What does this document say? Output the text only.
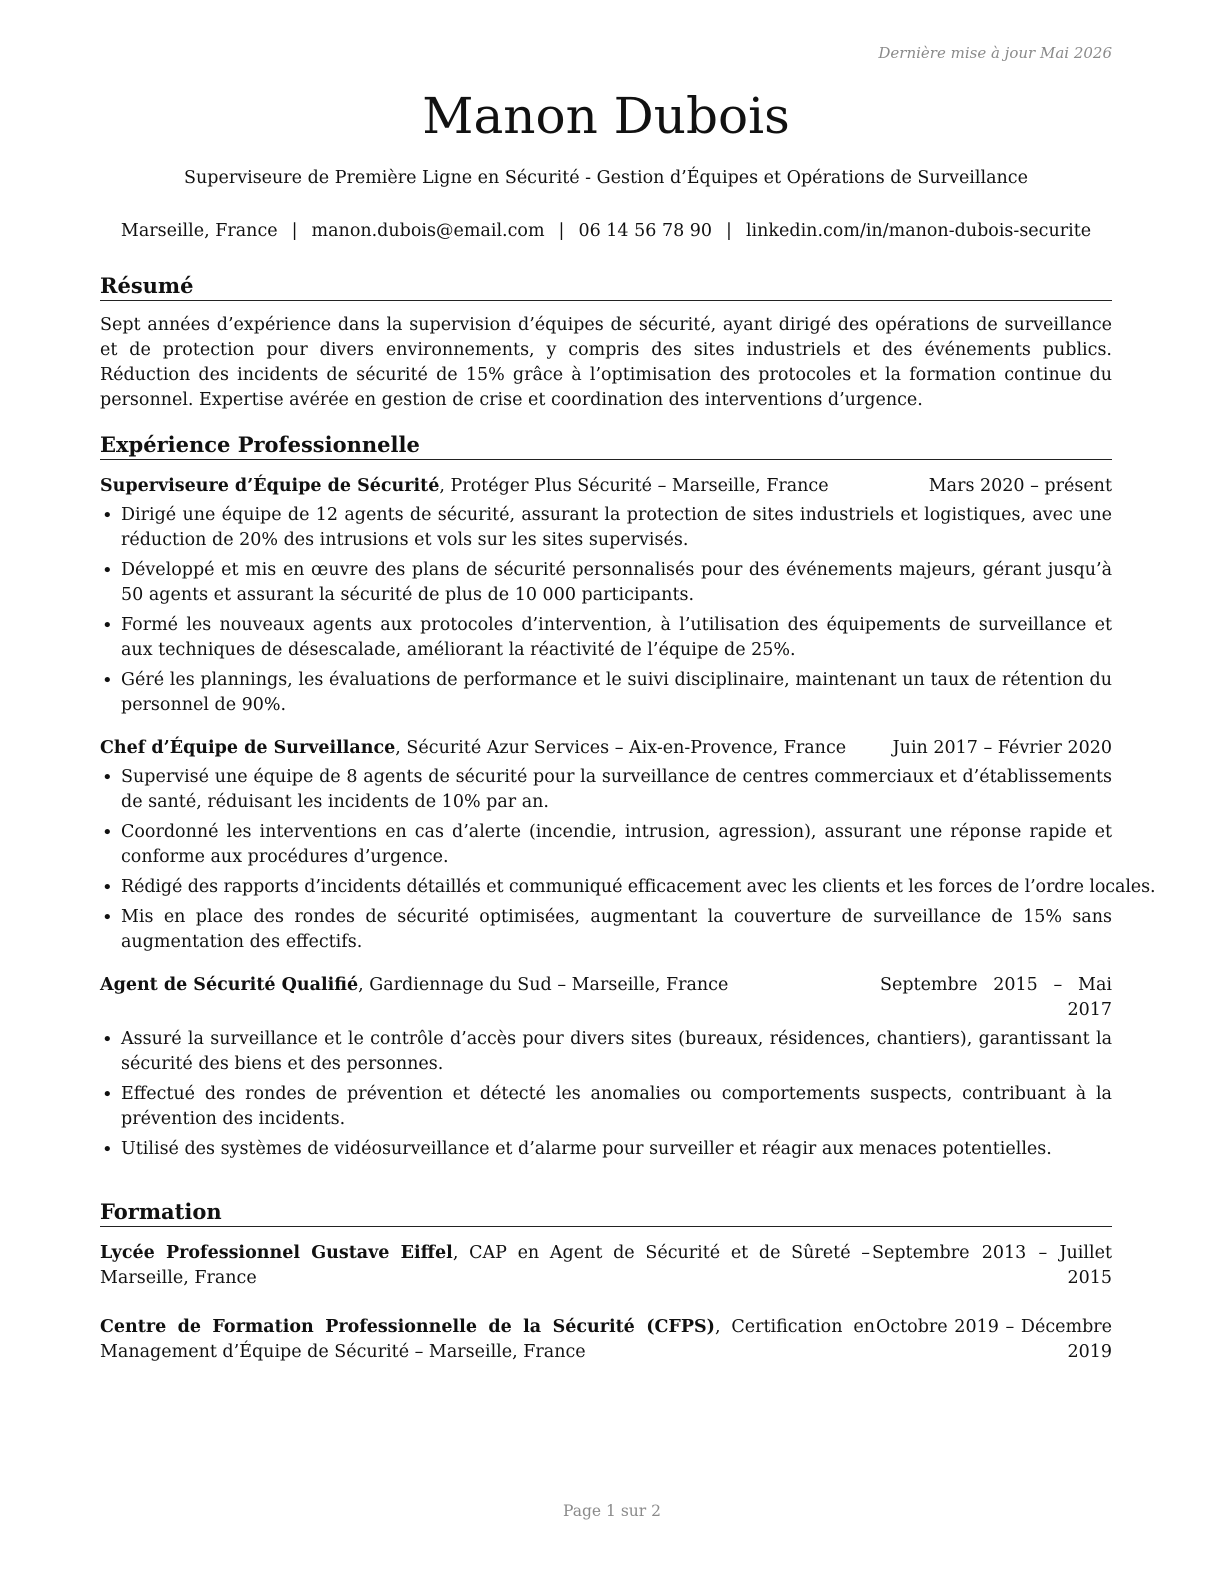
Dernière mise à jour Mai 2026

Manon Dubois

Superviseure de Première Ligne en Sécurité - Gestion d’Équipes et Opérations de Surveillance

Marseille, France | manon.dubois@email.com | 06 14 56 78 90 | linkedin.com/in/manon-dubois-securite

Résumé

Sept années d’expérience dans la supervision d’équipes de sécurité, ayant dirigé des opérations de surveillance et de protection pour divers environnements, y compris des sites industriels et des événements publics. Réduction des incidents de sécurité de 15% grâce à l’optimisation des protocoles et la formation continue du personnel. Expertise avérée en gestion de crise et coordination des interventions d’urgence.

Expérience Professionnelle
Superviseure d’Équipe de Sécurité, Protéger Plus Sécurité – Marseille, France	Mars 2020 – présent
• Dirigé une équipe de 12 agents de sécurité, assurant la protection de sites industriels et logistiques, avec une réduction de 20% des intrusions et vols sur les sites supervisés.
• Développé et mis en œuvre des plans de sécurité personnalisés pour des événements majeurs, gérant jusqu’à 50 agents et assurant la sécurité de plus de 10 000 participants.
• Formé les nouveaux agents aux protocoles d’intervention, à l’utilisation des équipements de surveillance et aux techniques de désescalade, améliorant la réactivité de l’équipe de 25%.
• Géré les plannings, les évaluations de performance et le suivi disciplinaire, maintenant un taux de rétention du personnel de 90%.
Chef d’Équipe de Surveillance, Sécurité Azur Services – Aix-en-Provence, France	Juin 2017 – Février 2020
• Supervisé une équipe de 8 agents de sécurité pour la surveillance de centres commerciaux et d’établissements de santé, réduisant les incidents de 10% par an.
• Coordonné les interventions en cas d’alerte (incendie, intrusion, agression), assurant une réponse rapide et conforme aux procédures d’urgence.
• Rédigé des rapports d’incidents détaillés et communiqué efficacement avec les clients et les forces de l’ordre locales.
• Mis en place des rondes de sécurité optimisées, augmentant la couverture de surveillance de 15% sans augmentation des effectifs.
Agent de Sécurité Qualifié, Gardiennage du Sud – Marseille, France	Septembre 2015 – Mai 2017
• Assuré la surveillance et le contrôle d’accès pour divers sites (bureaux, résidences, chantiers), garantissant la sécurité des biens et des personnes.
• Effectué des rondes de prévention et détecté les anomalies ou comportements suspects, contribuant à la prévention des incidents.
• Utilisé des systèmes de vidéosurveillance et d’alarme pour surveiller et réagir aux menaces potentielles.
Formation
Lycée Professionnel Gustave Eiffel, CAP en Agent de Sécurité et de Sûreté – Marseille, France
Septembre 2013 – Juillet 2015
Centre de Formation Professionnelle de la Sécurité (CFPS), Certification en Management d’Équipe de Sécurité – Marseille, France
Octobre 2019 – Décembre 2019

Page 1 sur 2
